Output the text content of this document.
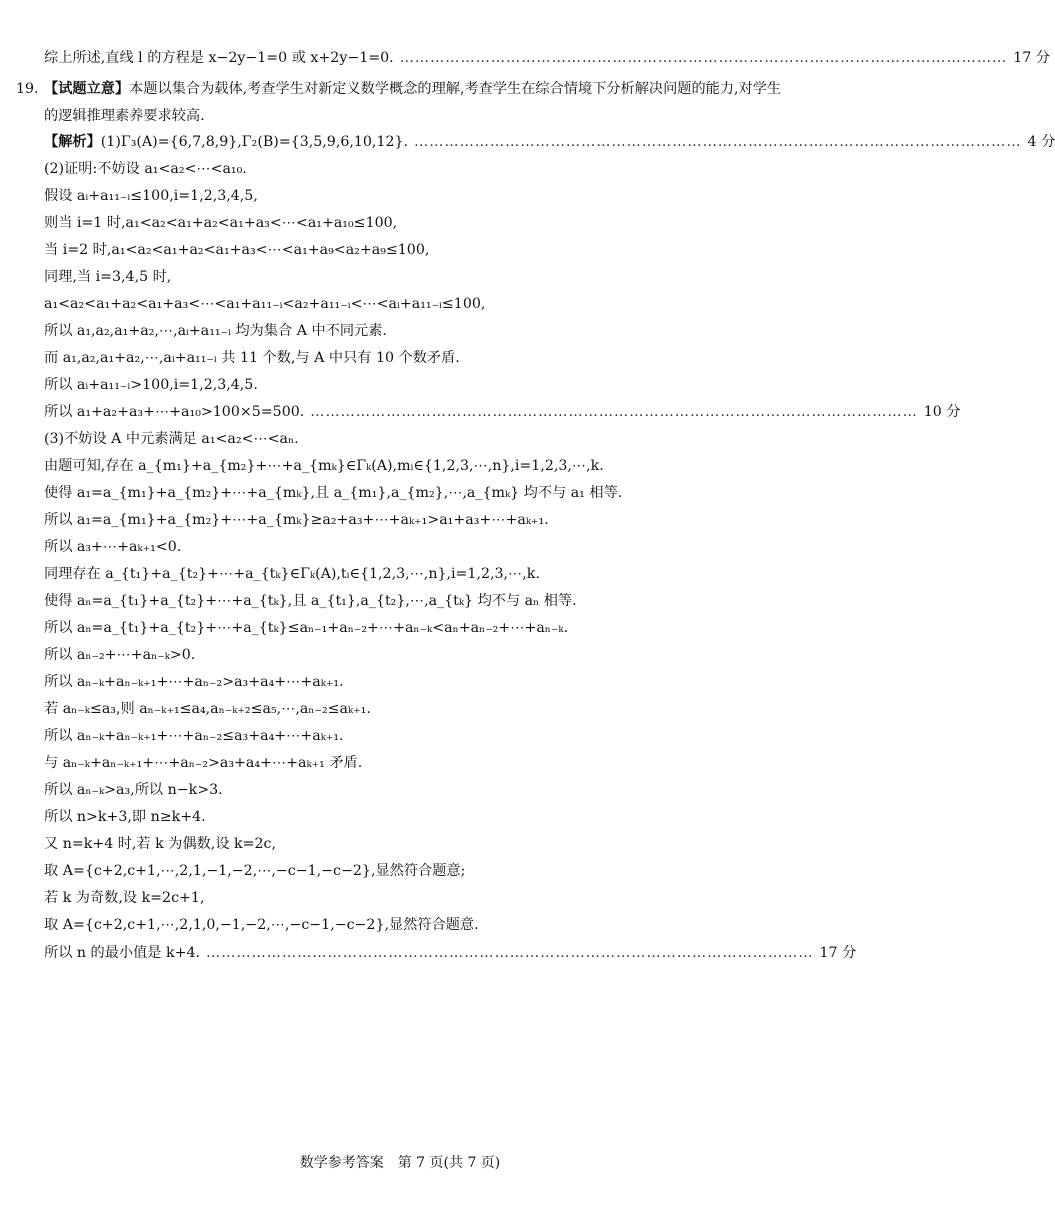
综上所述,直线 l 的方程是 x−2y−1=0 或 x+2y−1=0. ………………………………………………………………………………………………………… 17 分
19. 【试题立意】本题以集合为载体,考查学生对新定义数学概念的理解,考查学生在综合情境下分析解决问题的能力,对学生的逻辑推理素养要求较高.
【解析】(1)Γ₃(A)={6,7,8,9},Γ₂(B)={3,5,9,6,10,12}. ………………………………………………………………………………………………………… 4 分
(2)证明:不妨设 a₁<a₂<⋯<a₁₀.
假设 aᵢ+a₁₁₋ᵢ≤100,i=1,2,3,4,5,
则当 i=1 时,a₁<a₂<a₁+a₂<a₁+a₃<⋯<a₁+a₁₀≤100,
当 i=2 时,a₁<a₂<a₁+a₂<a₁+a₃<⋯<a₁+a₉<a₂+a₉≤100,
同理,当 i=3,4,5 时,
a₁<a₂<a₁+a₂<a₁+a₃<⋯<a₁+a₁₁₋ᵢ<a₂+a₁₁₋ᵢ<⋯<aᵢ+a₁₁₋ᵢ≤100,
所以 a₁,a₂,a₁+a₂,⋯,aᵢ+a₁₁₋ᵢ 均为集合 A 中不同元素.
而 a₁,a₂,a₁+a₂,⋯,aᵢ+a₁₁₋ᵢ 共 11 个数,与 A 中只有 10 个数矛盾.
所以 aᵢ+a₁₁₋ᵢ>100,i=1,2,3,4,5.
所以 a₁+a₂+a₃+⋯+a₁₀>100×5=500. ………………………………………………………………………………………………………… 10 分
(3)不妨设 A 中元素满足 a₁<a₂<⋯<aₙ.
由题可知,存在 a_{m₁}+a_{m₂}+⋯+a_{mₖ}∈Γₖ(A),mᵢ∈{1,2,3,⋯,n},i=1,2,3,⋯,k.
使得 a₁=a_{m₁}+a_{m₂}+⋯+a_{mₖ},且 a_{m₁},a_{m₂},⋯,a_{mₖ} 均不与 a₁ 相等.
所以 a₁=a_{m₁}+a_{m₂}+⋯+a_{mₖ}≥a₂+a₃+⋯+aₖ₊₁>a₁+a₃+⋯+aₖ₊₁.
所以 a₃+⋯+aₖ₊₁<0.
同理存在 a_{t₁}+a_{t₂}+⋯+a_{tₖ}∈Γₖ(A),tᵢ∈{1,2,3,⋯,n},i=1,2,3,⋯,k.
使得 aₙ=a_{t₁}+a_{t₂}+⋯+a_{tₖ},且 a_{t₁},a_{t₂},⋯,a_{tₖ} 均不与 aₙ 相等.
所以 aₙ=a_{t₁}+a_{t₂}+⋯+a_{tₖ}≤aₙ₋₁+aₙ₋₂+⋯+aₙ₋ₖ<aₙ+aₙ₋₂+⋯+aₙ₋ₖ.
所以 aₙ₋₂+⋯+aₙ₋ₖ>0.
所以 aₙ₋ₖ+aₙ₋ₖ₊₁+⋯+aₙ₋₂>a₃+a₄+⋯+aₖ₊₁.
若 aₙ₋ₖ≤a₃,则 aₙ₋ₖ₊₁≤a₄,aₙ₋ₖ₊₂≤a₅,⋯,aₙ₋₂≤aₖ₊₁.
所以 aₙ₋ₖ+aₙ₋ₖ₊₁+⋯+aₙ₋₂≤a₃+a₄+⋯+aₖ₊₁.
与 aₙ₋ₖ+aₙ₋ₖ₊₁+⋯+aₙ₋₂>a₃+a₄+⋯+aₖ₊₁ 矛盾.
所以 aₙ₋ₖ>a₃,所以 n−k>3.
所以 n>k+3,即 n≥k+4.
又 n=k+4 时,若 k 为偶数,设 k=2c,
取 A={c+2,c+1,⋯,2,1,−1,−2,⋯,−c−1,−c−2},显然符合题意;
若 k 为奇数,设 k=2c+1,
取 A={c+2,c+1,⋯,2,1,0,−1,−2,⋯,−c−1,−c−2},显然符合题意.
所以 n 的最小值是 k+4. ………………………………………………………………………………………………………… 17 分
数学参考答案　第 7 页(共 7 页)
